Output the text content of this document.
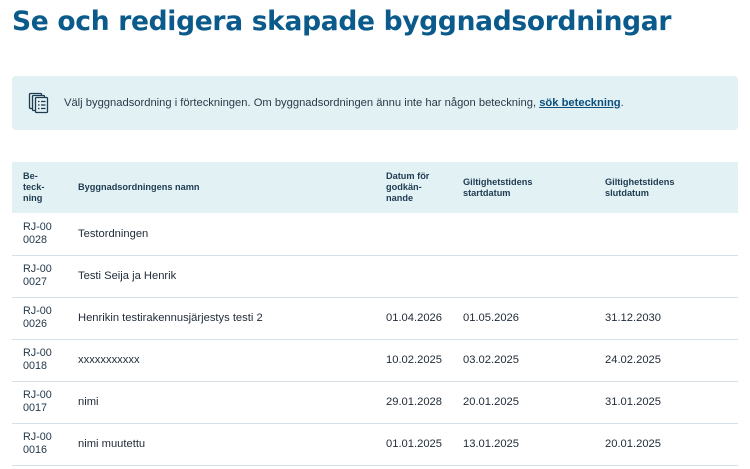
Se och redigera skapade byggnadsordningar
Välj byggnadsordning i förteckningen. Om byggnadsordningen ännu inte har någon beteckning, sök beteckning.
Be-
teck-
ning	Byggnadsordningens namn	Datum för
godkän-
nande	Giltighetstidens
startdatum	Giltighetstidens
slutdatum

RJ-00
0028	Testordningen			

RJ-00
0027	Testi Seija ja Henrik			

RJ-00
0026	Henrikin testirakennusjärjestys testi 2	01.04.2026	01.05.2026	31.12.2030

RJ-00
0018	xxxxxxxxxxx	10.02.2025	03.02.2025	24.02.2025

RJ-00
0017	nimi	29.01.2028	20.01.2025	31.01.2025

RJ-00
0016	nimi muutettu	01.01.2025	13.01.2025	20.01.2025
